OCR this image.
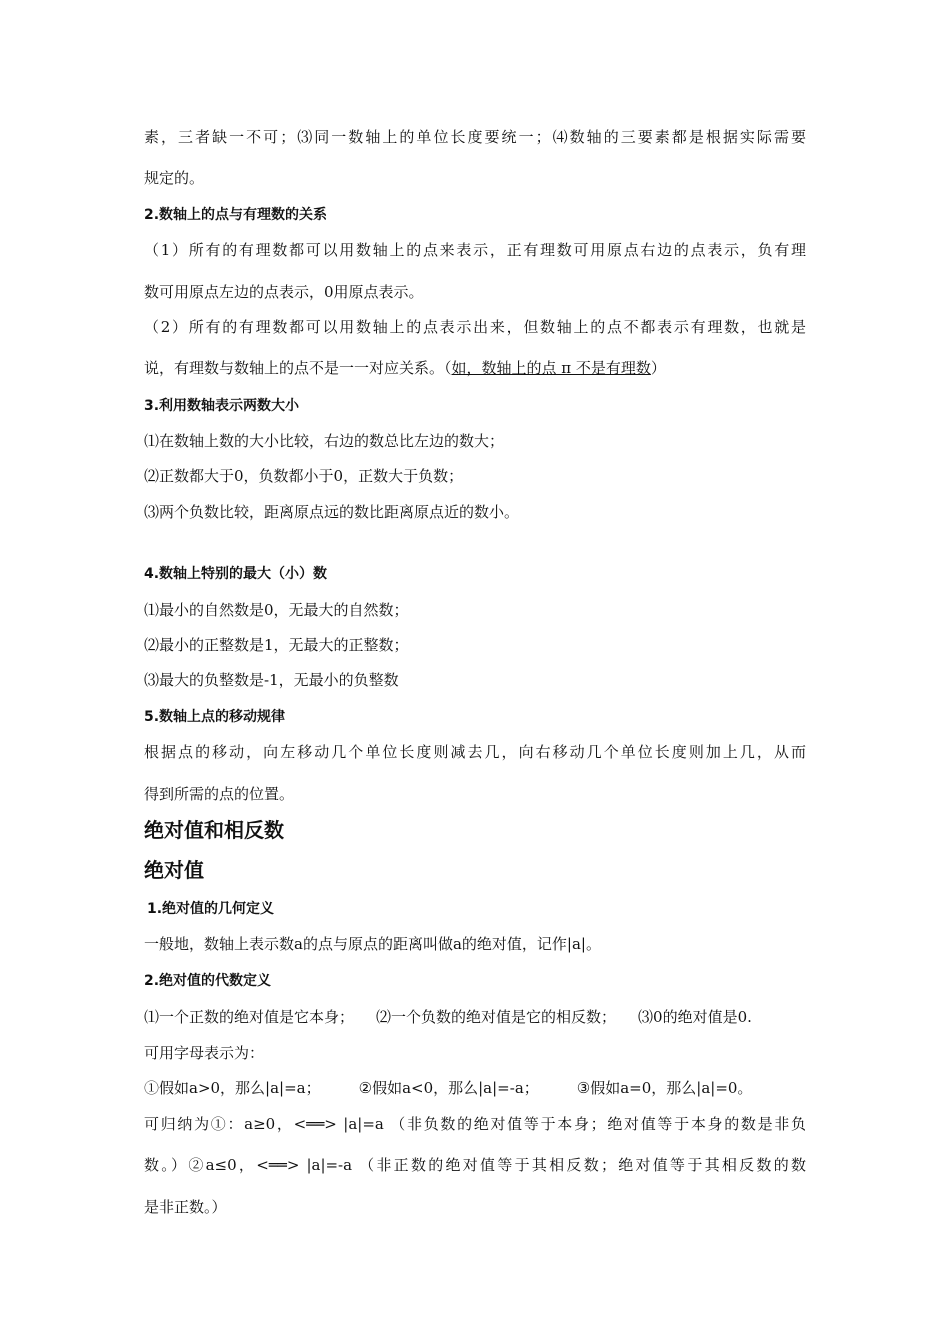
素，三者缺一不可；⑶同一数轴上的单位长度要统一；⑷数轴的三要素都是根据实际需要
规定的。
2.数轴上的点与有理数的关系
（1）所有的有理数都可以用数轴上的点来表示，正有理数可用原点右边的点表示，负有理
数可用原点左边的点表示，0用原点表示。
（2）所有的有理数都可以用数轴上的点表示出来，但数轴上的点不都表示有理数，也就是
说，有理数与数轴上的点不是一一对应关系。（如，数轴上的点 π 不是有理数）
3.利用数轴表示两数大小
⑴在数轴上数的大小比较，右边的数总比左边的数大；
⑵正数都大于0，负数都小于0，正数大于负数；
⑶两个负数比较，距离原点远的数比距离原点近的数小。
4.数轴上特别的最大（小）数
⑴最小的自然数是0，无最大的自然数；
⑵最小的正整数是1，无最大的正整数；
⑶最大的负整数是-1，无最小的负整数
5.数轴上点的移动规律
根据点的移动，向左移动几个单位长度则减去几，向右移动几个单位长度则加上几，从而
得到所需的点的位置。
绝对值和相反数
绝对值
1.绝对值的几何定义
一般地，数轴上表示数a的点与原点的距离叫做a的绝对值，记作|a|。
2.绝对值的代数定义
⑴一个正数的绝对值是它本身； ⑵一个负数的绝对值是它的相反数； ⑶0的绝对值是0.
可用字母表示为：
①假如a>0，那么|a|=a；	②假如a<0，那么|a|=-a；	③假如a=0，那么|a|=0。
可归纳为①：a≥0，<══> |a|=a （非负数的绝对值等于本身；绝对值等于本身的数是非负
数。）②a≤0，<══> |a|=-a （非正数的绝对值等于其相反数；绝对值等于其相反数的数
是非正数。）
